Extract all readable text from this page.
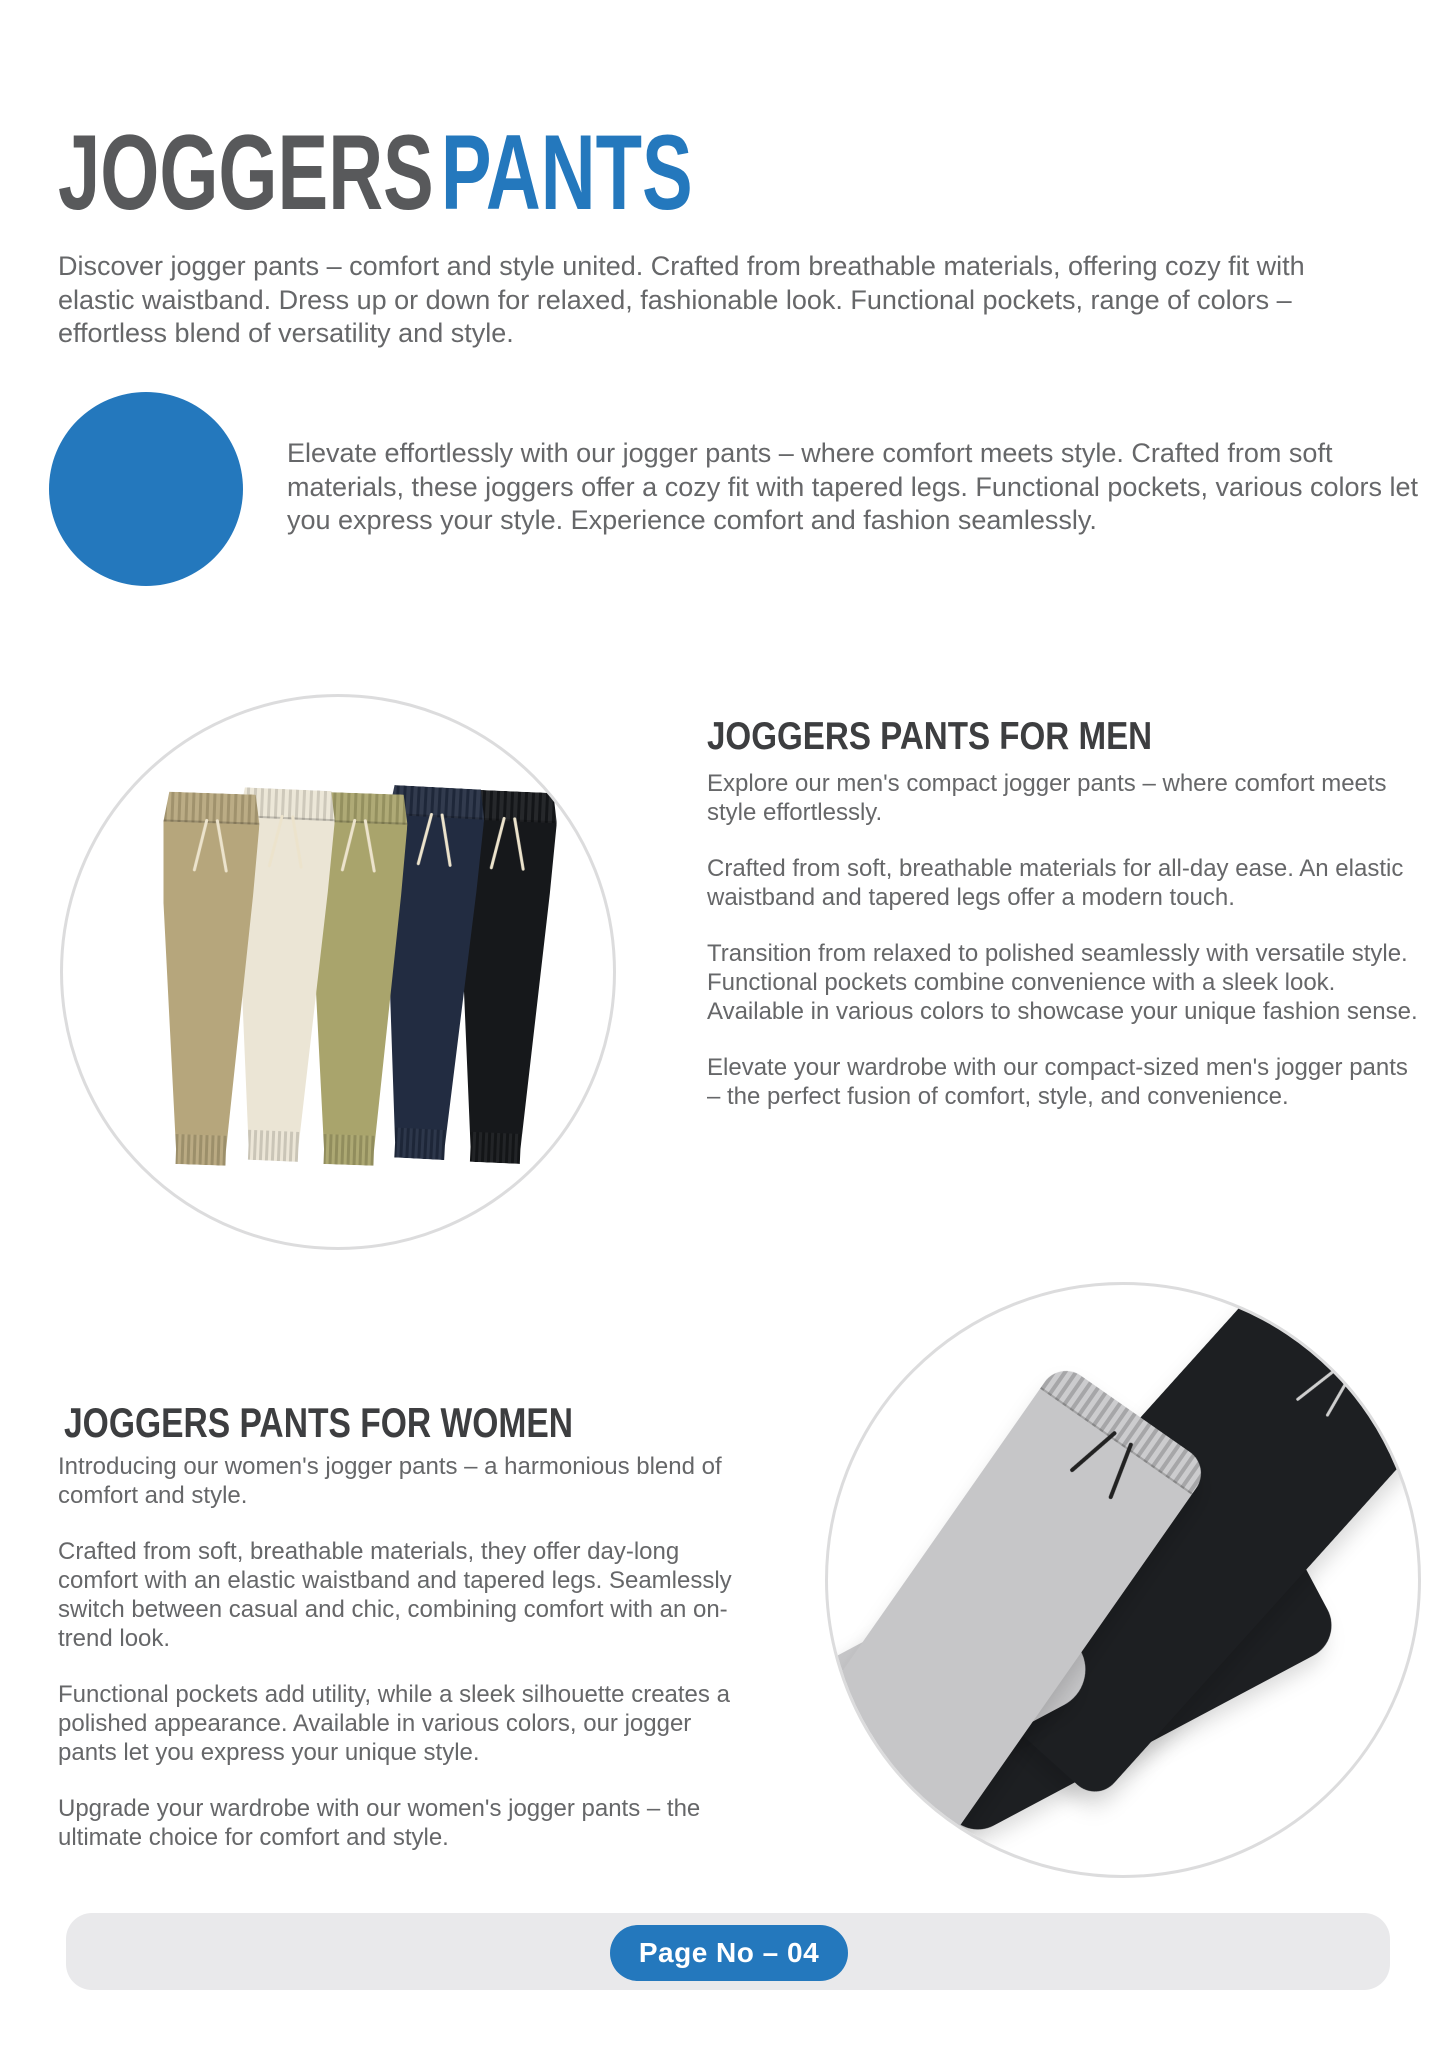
JOGGERSPANTS

Discover jogger pants – comfort and style united. Crafted from breathable materials, offering cozy fit with elastic waistband. Dress up or down for relaxed, fashionable look. Functional pockets, range of colors – effortless blend of versatility and style.

Elevate effortlessly with our jogger pants – where comfort meets style. Crafted from soft materials, these joggers offer a cozy fit with tapered legs. Functional pockets, various colors let you express your style. Experience comfort and fashion seamlessly.

JOGGERS PANTS FOR MEN

Explore our men's compact jogger pants – where comfort meets style effortlessly.

Crafted from soft, breathable materials for all-day ease. An elastic waistband and tapered legs offer a modern touch.

Transition from relaxed to polished seamlessly with versatile style. Functional pockets combine convenience with a sleek look. Available in various colors to showcase your unique fashion sense.

Elevate your wardrobe with our compact-sized men's jogger pants – the perfect fusion of comfort, style, and convenience.

JOGGERS PANTS FOR WOMEN

Introducing our women's jogger pants – a harmonious blend of comfort and style.

Crafted from soft, breathable materials, they offer day-long comfort with an elastic waistband and tapered legs. Seamlessly switch between casual and chic, combining comfort with an on-trend look.

Functional pockets add utility, while a sleek silhouette creates a polished appearance. Available in various colors, our jogger pants let you express your unique style.

Upgrade your wardrobe with our women's jogger pants – the ultimate choice for comfort and style.

Page No – 04
